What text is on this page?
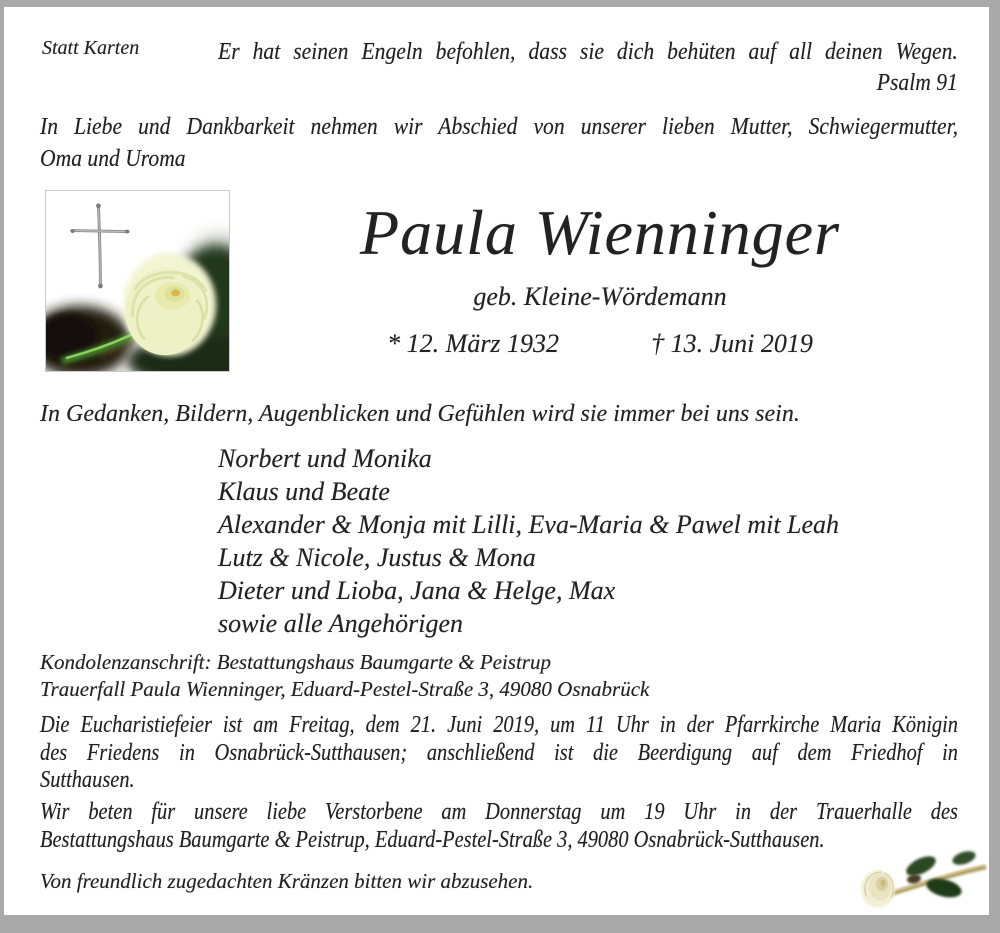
Statt Karten	Er hat seinen Engeln befohlen, dass sie dich behüten auf all deinen Wegen.
Psalm 91
In Liebe und Dankbarkeit nehmen wir Abschied von unserer lieben Mutter, Schwiegermutter,
Oma und Uroma
Paula Wienninger
geb. Kleine-Wördemann
* 12. März 1932	† 13. Juni 2019
In Gedanken, Bildern, Augenblicken und Gefühlen wird sie immer bei uns sein.
Norbert und Monika
Klaus und Beate
Alexander & Monja mit Lilli, Eva-Maria & Pawel mit Leah
Lutz & Nicole, Justus & Mona
Dieter und Lioba, Jana & Helge, Max
sowie alle Angehörigen
Kondolenzanschrift: Bestattungshaus Baumgarte & Peistrup
Trauerfall Paula Wienninger, Eduard-Pestel-Straße 3, 49080 Osnabrück
Die Eucharistiefeier ist am Freitag, dem 21. Juni 2019, um 11 Uhr in der Pfarrkirche Maria Königin
des Friedens in Osnabrück-Sutthausen; anschließend ist die Beerdigung auf dem Friedhof in
Sutthausen.
Wir beten für unsere liebe Verstorbene am Donnerstag um 19 Uhr in der Trauerhalle des
Bestattungshaus Baumgarte & Peistrup, Eduard-Pestel-Straße 3, 49080 Osnabrück-Sutthausen.
Von freundlich zugedachten Kränzen bitten wir abzusehen.
